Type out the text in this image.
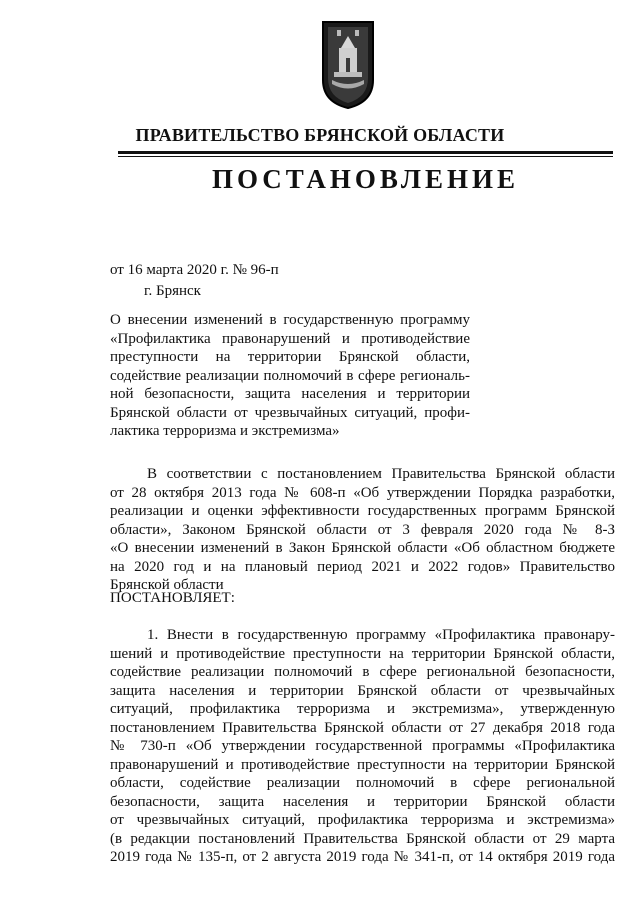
ПРАВИТЕЛЬСТВО БРЯНСКОЙ ОБЛАСТИ
ПОСТАНОВЛЕНИЕ
от 16 марта 2020 г. № 96-п
г. Брянск
О внесении изменений в государственную программу
«Профилактика правонарушений и противодействие
преступности на территории Брянской области,
содействие реализации полномочий в сфере региональ-
ной безопасности, защита населения и территории
Брянской области от чрезвычайных ситуаций, профи-
лактика терроризма и экстремизма»
В соответствии с постановлением Правительства Брянской области
от 28 октября 2013 года № 608-п «Об утверждении Порядка разработки,
реализации и оценки эффективности государственных программ Брянской
области», Законом Брянской области от 3 февраля 2020 года № 8-З
«О внесении изменений в Закон Брянской области «Об областном бюджете
на 2020 год и на плановый период 2021 и 2022 годов» Правительство
Брянской области
ПОСТАНОВЛЯЕТ:
1. Внести в государственную программу «Профилактика правонару-
шений и противодействие преступности на территории Брянской области,
содействие реализации полномочий в сфере региональной безопасности,
защита населения и территории Брянской области от чрезвычайных
ситуаций, профилактика терроризма и экстремизма», утвержденную
постановлением Правительства Брянской области от 27 декабря 2018 года
№ 730-п «Об утверждении государственной программы «Профилактика
правонарушений и противодействие преступности на территории Брянской
области, содействие реализации полномочий в сфере региональной
безопасности, защита населения и территории Брянской области
от чрезвычайных ситуаций, профилактика терроризма и экстремизма»
(в редакции постановлений Правительства Брянской области от 29 марта
2019 года № 135-п, от 2 августа 2019 года № 341-п, от 14 октября 2019 года
